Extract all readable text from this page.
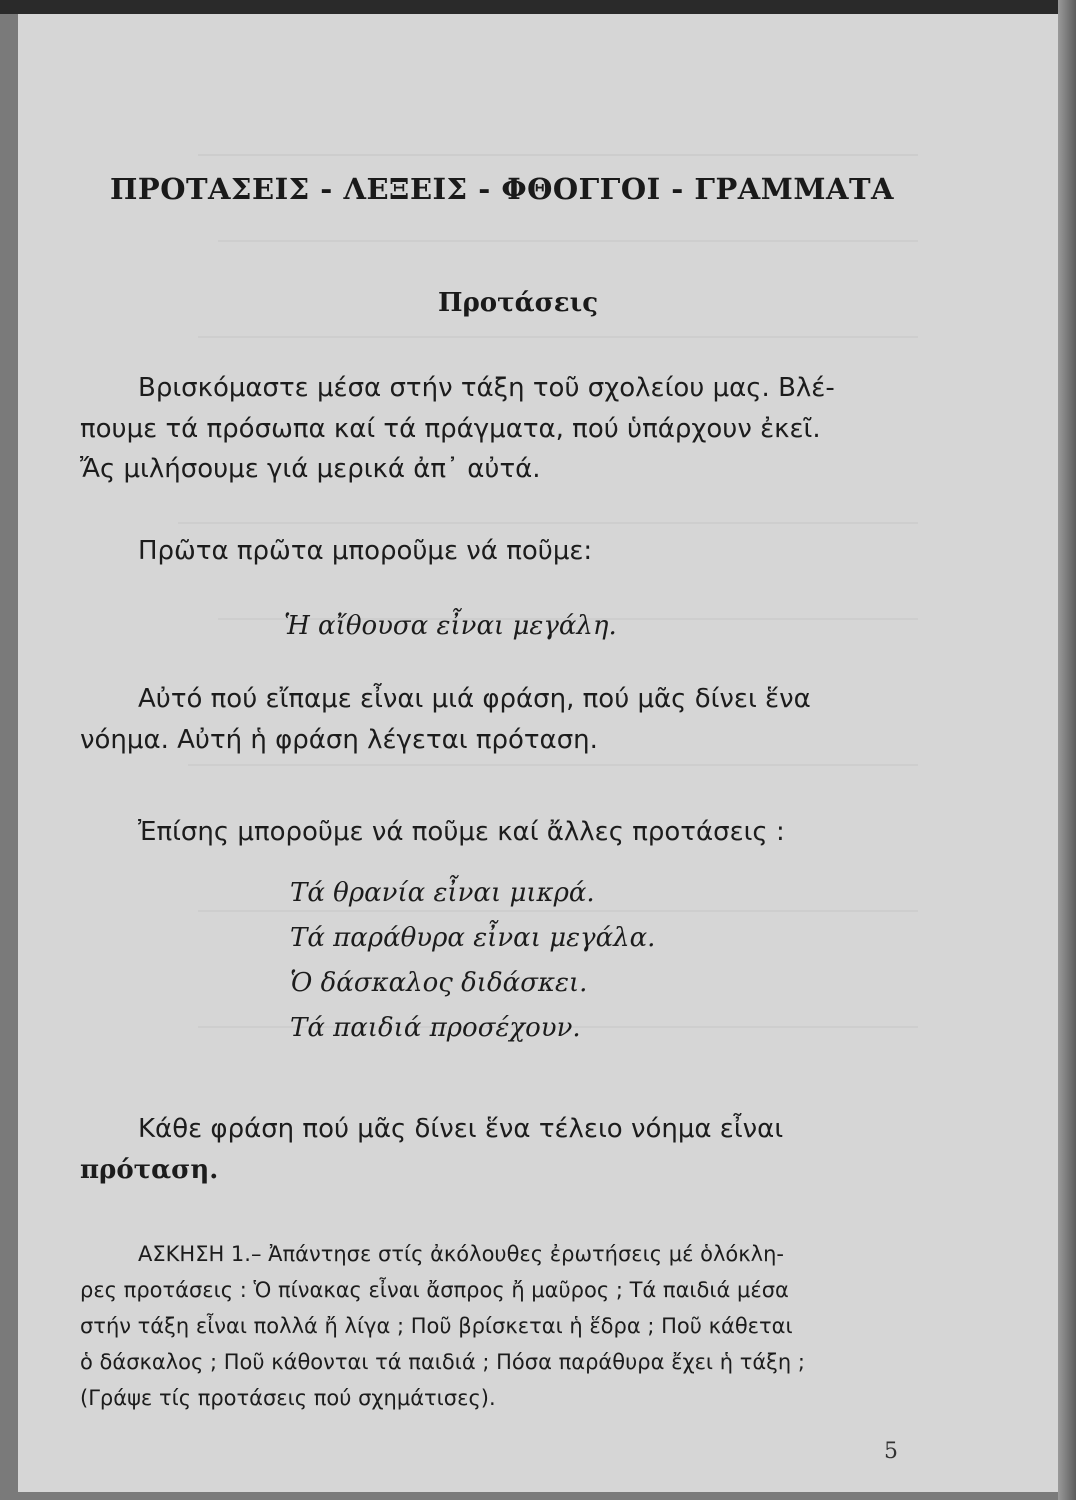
ΠΡΟΤΑΣΕΙΣ - ΛΕΞΕΙΣ - ΦΘΟΓΓΟΙ - ΓΡΑΜΜΑΤΑ
Προτάσεις
Βρισκόμαστε μέσα στήν τάξη τοῦ σχολείου μας. Βλέ-
πουμε τά πρόσωπα καί τά πράγματα, πού ὑπάρχουν ἐκεῖ.
Ἄς μιλήσουμε γιά μερικά ἀπ᾽ αὐτά.
Πρῶτα πρῶτα μποροῦμε νά ποῦμε:
Ἡ αἴθουσα εἶναι μεγάλη.
Αὐτό πού εἴπαμε εἶναι μιά φράση, πού μᾶς δίνει ἕνα
νόημα. Αὐτή ἡ φράση λέγεται πρόταση.
Ἐπίσης μποροῦμε νά ποῦμε καί ἄλλες προτάσεις :
Τά θρανία εἶναι μικρά.
Τά παράθυρα εἶναι μεγάλα.
Ὁ δάσκαλος διδάσκει.
Τά παιδιά προσέχουν.
Κάθε φράση πού μᾶς δίνει ἕνα τέλειο νόημα εἶναι
πρόταση.
ΑΣΚΗΣΗ 1.– Ἀπάντησε στίς ἀκόλουθες ἐρωτήσεις μέ ὁλόκλη-
ρες προτάσεις : Ὁ πίνακας εἶναι ἄσπρος ἤ μαῦρος ; Τά παιδιά μέσα
στήν τάξη εἶναι πολλά ἤ λίγα ; Ποῦ βρίσκεται ἡ ἕδρα ; Ποῦ κάθεται
ὁ δάσκαλος ; Ποῦ κάθονται τά παιδιά ; Πόσα παράθυρα ἔχει ἡ τάξη ;
(Γράψε τίς προτάσεις πού σχημάτισες).
5
